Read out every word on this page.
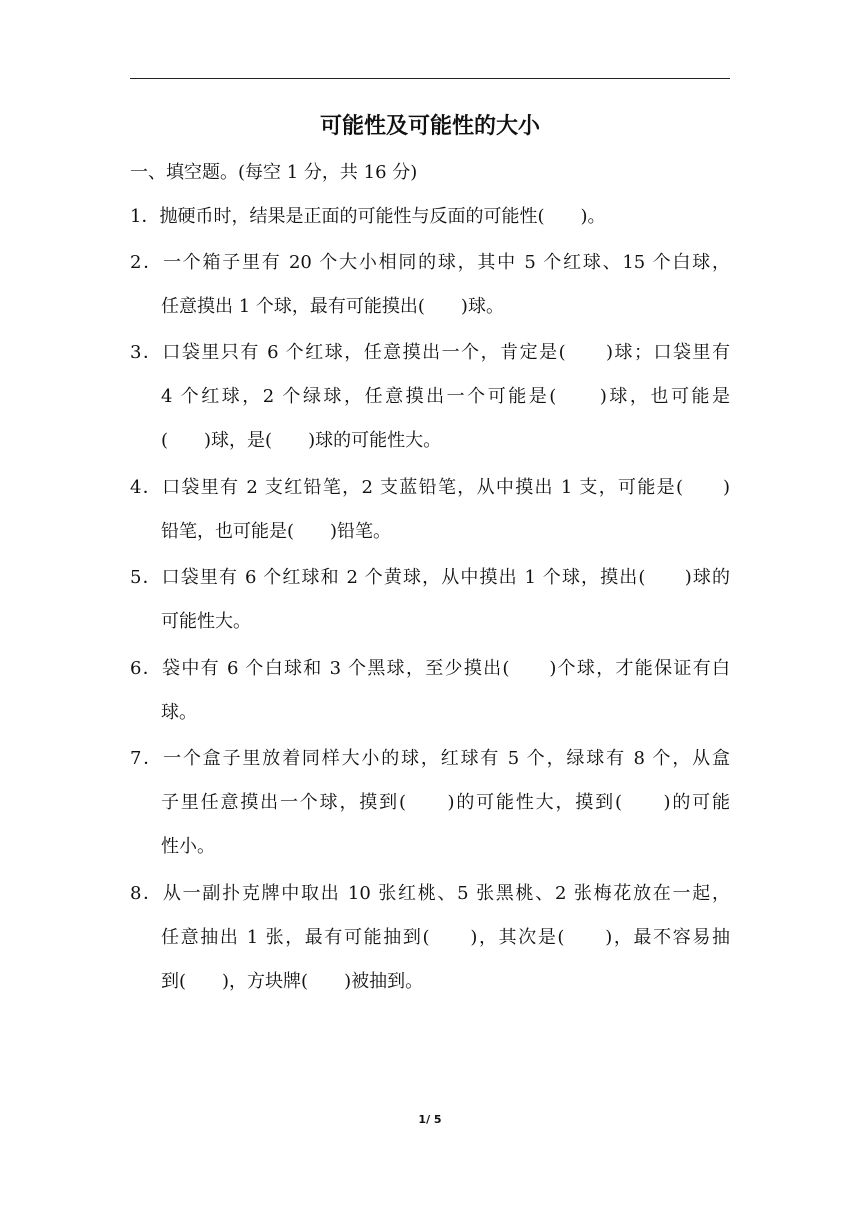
可能性及可能性的大小
一、填空题。(每空 1 分，共 16 分)
1．抛硬币时，结果是正面的可能性与反面的可能性(　　)。
2．一个箱子里有 20 个大小相同的球，其中 5 个红球、15 个白球，
任意摸出 1 个球，最有可能摸出(　　)球。
3．口袋里只有 6 个红球，任意摸出一个，肯定是(　　)球；口袋里有
4 个红球，2 个绿球，任意摸出一个可能是(　　)球，也可能是
(　　)球，是(　　)球的可能性大。
4．口袋里有 2 支红铅笔，2 支蓝铅笔，从中摸出 1 支，可能是(　　)
铅笔，也可能是(　　)铅笔。
5．口袋里有 6 个红球和 2 个黄球，从中摸出 1 个球，摸出(　　)球的
可能性大。
6．袋中有 6 个白球和 3 个黑球，至少摸出(　　)个球，才能保证有白
球。
7．一个盒子里放着同样大小的球，红球有 5 个，绿球有 8 个，从盒
子里任意摸出一个球，摸到(　　)的可能性大，摸到(　　)的可能
性小。
8．从一副扑克牌中取出 10 张红桃、5 张黑桃、2 张梅花放在一起，
任意抽出 1 张，最有可能抽到(　　)，其次是(　　)，最不容易抽
到(　　)，方块牌(　　)被抽到。
1/ 5
